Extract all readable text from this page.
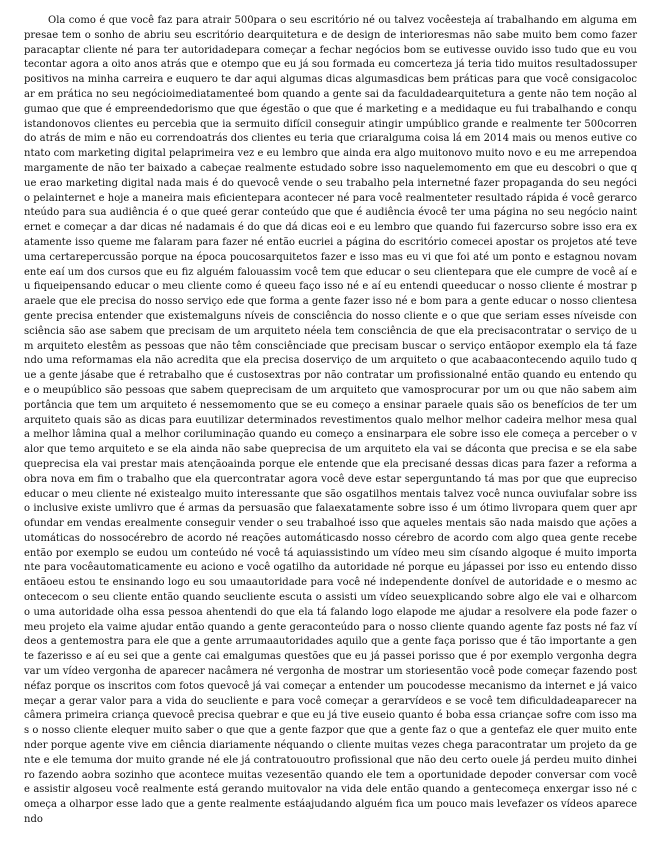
Ola como é que você faz para atrair 500para o seu escritório né ou talvez vocêesteja aí trabalhando em alguma empresae tem o sonho de abriu seu escritório dearquitetura e de design de interioresmas não sabe muito bem como fazer paracaptar cliente né para ter autoridadepara começar a fechar negócios bom se eutivesse ouvido isso tudo que eu vou tecontar agora a oito anos atrás que e otempo que eu já sou formada eu comcerteza já teria tido muitos resultadossuper positivos na minha carreira e euquero te dar aqui algumas dicas algumasdicas bem práticas para que você consigacolocar em prática no seu negócioimediatamenteé bom quando a gente sai da faculdadearquitetura a gente não tem noção algumao que que é empreendedorismo que que égestão o que que é marketing e a medidaque eu fui trabalhando e conquistandonovos clientes eu percebia que ia sermuito difícil conseguir atingir umpúblico grande e realmente ter 500correndo atrás de mim e não eu correndoatrás dos clientes eu teria que criaralguma coisa lá em 2014 mais ou menos eutive contato com marketing digital pelaprimeira vez e eu lembro que ainda era algo muitonovo muito novo e eu me arrependoamargamente de não ter baixado a cabeçae realmente estudado sobre isso naquelemomento em que eu descobri o que que erao marketing digital nada mais é do quevocê vende o seu trabalho pela internetné fazer propaganda do seu negócio pelainternet e hoje a maneira mais eficientepara acontecer né para você realmenteter resultado rápida é você gerarconteúdo para sua audiência é o que queé gerar conteúdo que que é audiência évocê ter uma página no seu negócio nainternet e começar a dar dicas né nadamais é do que dá dicas eoi e eu lembro que quando fui fazercurso sobre isso era exatamente isso queme me falaram para fazer né então eucriei a página do escritório comecei apostar os projetos até teve uma certarepercussão porque na época poucosarquitetos fazer e isso mas eu vi que foi até um ponto e estagnou novamente eaí um dos cursos que eu fiz alguém falouassim você tem que educar o seu clientepara que ele cumpre de você aí eu fiqueipensando educar o meu cliente como é queeu faço isso né e aí eu entendi queeducar o nosso cliente é mostrar paraele que ele precisa do nosso serviço ede que forma a gente fazer isso né e bom para a gente educar o nosso clientesa gente precisa entender que existemalguns níveis de consciência do nosso cliente e o que que seriam esses níveisde consciência são ase sabem que precisam de um arquiteto néela tem consciência de que ela precisacontratar o serviço de um arquiteto elestêm as pessoas que não têm consciênciade que precisam buscar o serviço entãopor exemplo ela tá fazendo uma reformamas ela não acredita que ela precisa doserviço de um arquiteto o que acabaacontecendo aquilo tudo que a gente jásabe que é retrabalho que é custosextras por não contratar um profissionalné então quando eu entendo que o meupúblico são pessoas que sabem queprecisam de um arquiteto que vamosprocurar por um ou que não sabem aimportância que tem um arquiteto é nessemomento que se eu começo a ensinar paraele quais são os benefícios de ter umarquiteto quais são as dicas para euutilizar determinados revestimentos qualo melhor melhor cadeira melhor mesa quala melhor lâmina qual a melhor coriluminação quando eu começo a ensinarpara ele sobre isso ele começa a perceber o valor que temo arquiteto e se ela ainda não sabe queprecisa de um arquiteto ela vai se dáconta que precisa e se ela sabe queprecisa ela vai prestar mais atençãoainda porque ele entende que ela precisané dessas dicas para fazer a reforma aobra nova em fim o trabalho que ela quercontratar agora você deve estar seperguntando tá mas por que que eupreciso educar o meu cliente né existealgo muito interessante que são osgatilhos mentais talvez você nunca ouviufalar sobre isso inclusive existe umlivro que é armas da persuasão que falaexatamente sobre isso é um ótimo livropara quem quer aprofundar em vendas erealmente conseguir vender o seu trabalhoé isso que aqueles mentais são nada maisdo que ações automáticas do nossocérebro de acordo né reações automáticasdo nosso cérebro de acordo com algo quea gente recebe então por exemplo se eudou um conteúdo né você tá aquiassistindo um vídeo meu sim císando algoque é muito importante para vocêautomaticamente eu aciono e você ogatilho da autoridade né porque eu jápassei por isso eu entendo disso entãoeu estou te ensinando logo eu sou umaautoridade para você né independente donível de autoridade e o mesmo acontececom o seu cliente então quando seucliente escuta o assisti um vídeo seuexplicando sobre algo ele vai e olharcomo uma autoridade olha essa pessoa ahentendi do que ela tá falando logo elapode me ajudar a resolvere ela pode fazer o meu projeto ela vaime ajudar então quando a gente geraconteúdo para o nosso cliente quando agente faz posts né faz vídeos a gentemostra para ele que a gente arrumaautoridades aquilo que a gente faça porisso que é tão importante a gente fazerisso e aí eu sei que a gente cai emalgumas questões que eu já passei porisso que é por exemplo vergonha degravar um vídeo vergonha de aparecer nacâmera né vergonha de mostrar um storiesentão você pode começar fazendo post néfaz porque os inscritos com fotos quevocê já vai começar a entender um poucodesse mecanismo da internet e já vaicomeçar a gerar valor para a vida do seucliente e para você começar a gerarvídeos e se você tem dificuldadeaparecer na câmera primeira criança quevocê precisa quebrar e que eu já tive euseio quanto é boba essa criançae sofre com isso mas o nosso cliente elequer muito saber o que que a gente fazpor que que a gente faz o que a gentefaz ele quer muito entender porque agente vive em ciência diariamente néquando o cliente muitas vezes chega paracontratar um projeto da gente e ele temuma dor muito grande né ele já contratououtro profissional que não deu certo ouele já perdeu muito dinheiro fazendo aobra sozinho que acontece muitas vezesentão quando ele tem a oportunidade depoder conversar com você e assistir algoseu você realmente está gerando muitovalor na vida dele então quando a gentecomeça enxergar isso né começa a olharpor esse lado que a gente realmente estáajudando alguém fica um pouco mais levefazer os vídeos aparecendo
